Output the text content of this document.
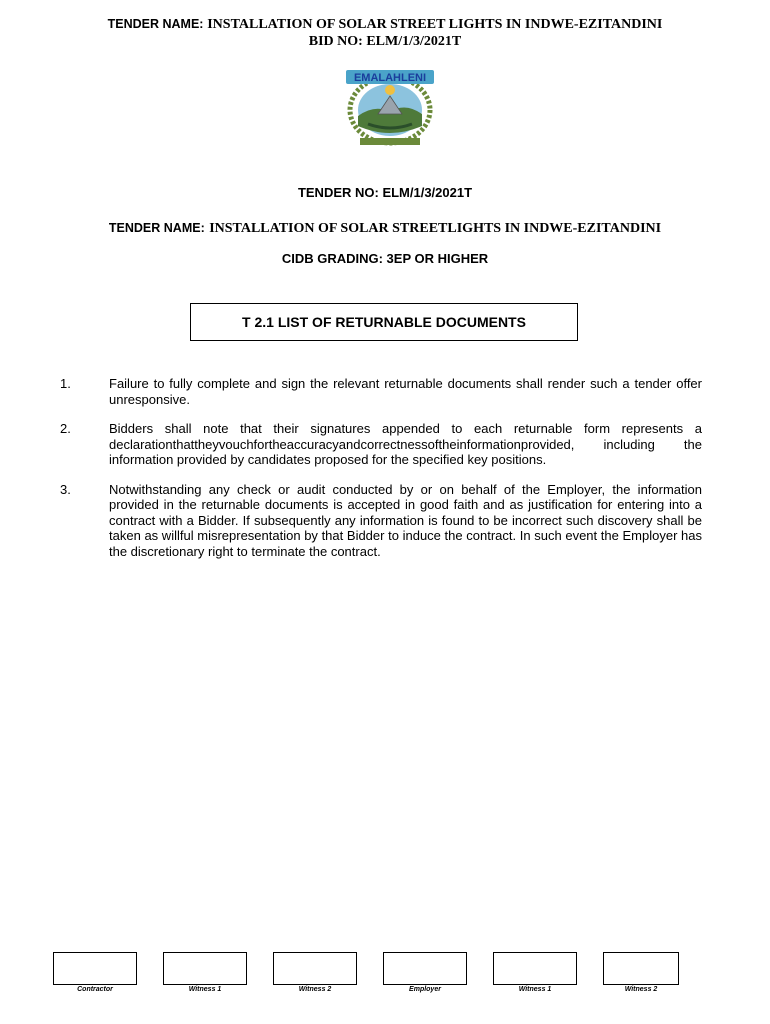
TENDER NAME: INSTALLATION OF SOLAR STREET LIGHTS IN INDWE-EZITANDINI
BID NO: ELM/1/3/2021T
EMALAHLENI
TENDER NO: ELM/1/3/2021T
TENDER NAME: INSTALLATION OF SOLAR STREETLIGHTS IN INDWE-EZITANDINI
CIDB GRADING: 3EP OR HIGHER
T 2.1 LIST OF RETURNABLE DOCUMENTS
1.	Failure to fully complete and sign the relevant returnable documents shall render such a tender offer unresponsive.
2.	Bidders shall note that their signatures appended to each returnable form represents a declarationthattheyvouchfortheaccuracyandcorrectnessoftheinformationprovided, including the information provided by candidates proposed for the specified key positions.
3.	Notwithstanding any check or audit conducted by or on behalf of the Employer, the information provided in the returnable documents is accepted in good faith and as justification for entering into a contract with a Bidder. If subsequently any information is found to be incorrect such discovery shall be taken as willful misrepresentation by that Bidder to induce the contract. In such event the Employer has the discretionary right to terminate the contract.
Contractor	Witness 1	Witness 2	Employer	Witness 1	Witness 2
